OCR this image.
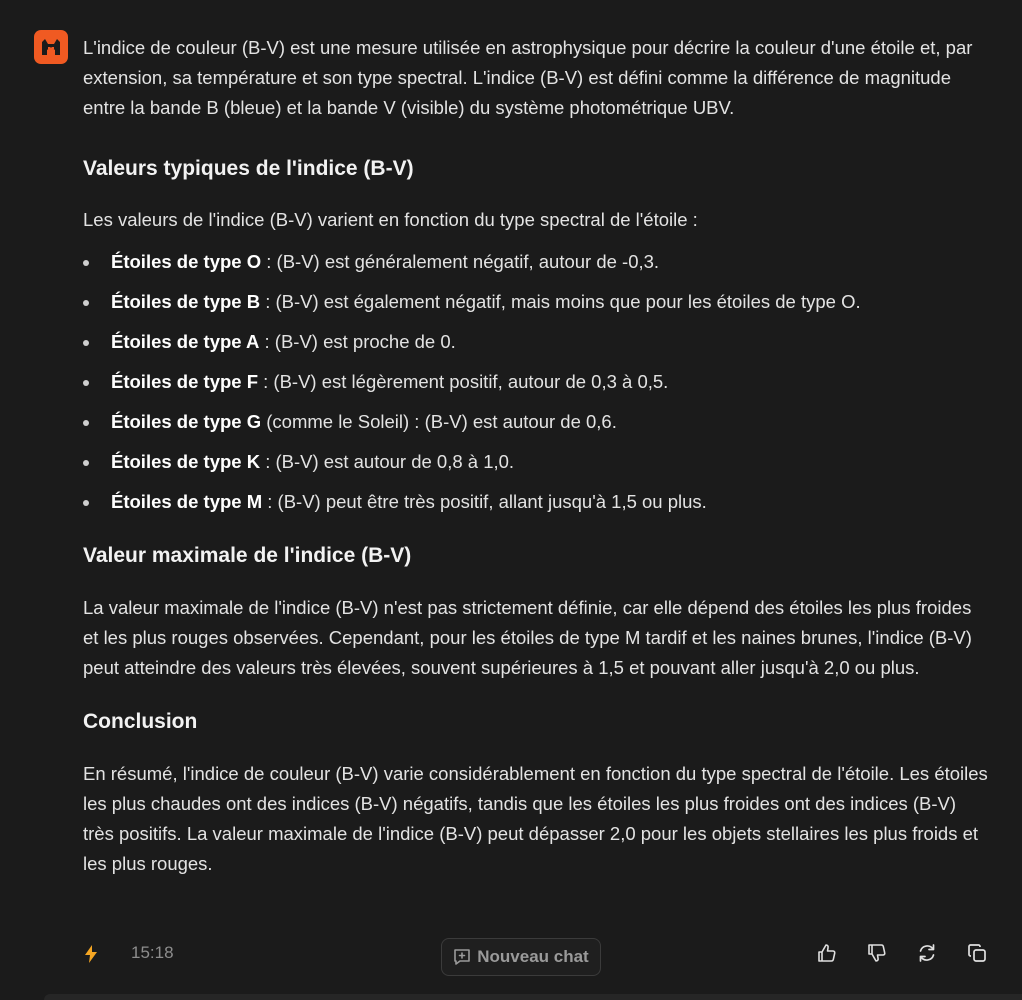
L'indice de couleur (B-V) est une mesure utilisée en astrophysique pour décrire la couleur d'une étoile et, par extension, sa température et son type spectral. L'indice (B-V) est défini comme la différence de magnitude entre la bande B (bleue) et la bande V (visible) du système photométrique UBV.

Valeurs typiques de l'indice (B-V)

Les valeurs de l'indice (B-V) varient en fonction du type spectral de l'étoile :

Étoiles de type O : (B-V) est généralement négatif, autour de -0,3.
Étoiles de type B : (B-V) est également négatif, mais moins que pour les étoiles de type O.
Étoiles de type A : (B-V) est proche de 0.
Étoiles de type F : (B-V) est légèrement positif, autour de 0,3 à 0,5.
Étoiles de type G (comme le Soleil) : (B-V) est autour de 0,6.
Étoiles de type K : (B-V) est autour de 0,8 à 1,0.
Étoiles de type M : (B-V) peut être très positif, allant jusqu'à 1,5 ou plus.
Valeur maximale de l'indice (B-V)

La valeur maximale de l'indice (B-V) n'est pas strictement définie, car elle dépend des étoiles les plus froides et les plus rouges observées. Cependant, pour les étoiles de type M tardif et les naines brunes, l'indice (B-V) peut atteindre des valeurs très élevées, souvent supérieures à 1,5 et pouvant aller jusqu'à 2,0 ou plus.

Conclusion

En résumé, l'indice de couleur (B-V) varie considérablement en fonction du type spectral de l'étoile. Les étoiles les plus chaudes ont des indices (B-V) négatifs, tandis que les étoiles les plus froides ont des indices (B-V) très positifs. La valeur maximale de l'indice (B-V) peut dépasser 2,0 pour les objets stellaires les plus froids et les plus rouges.

15:18	Nouveau chat
